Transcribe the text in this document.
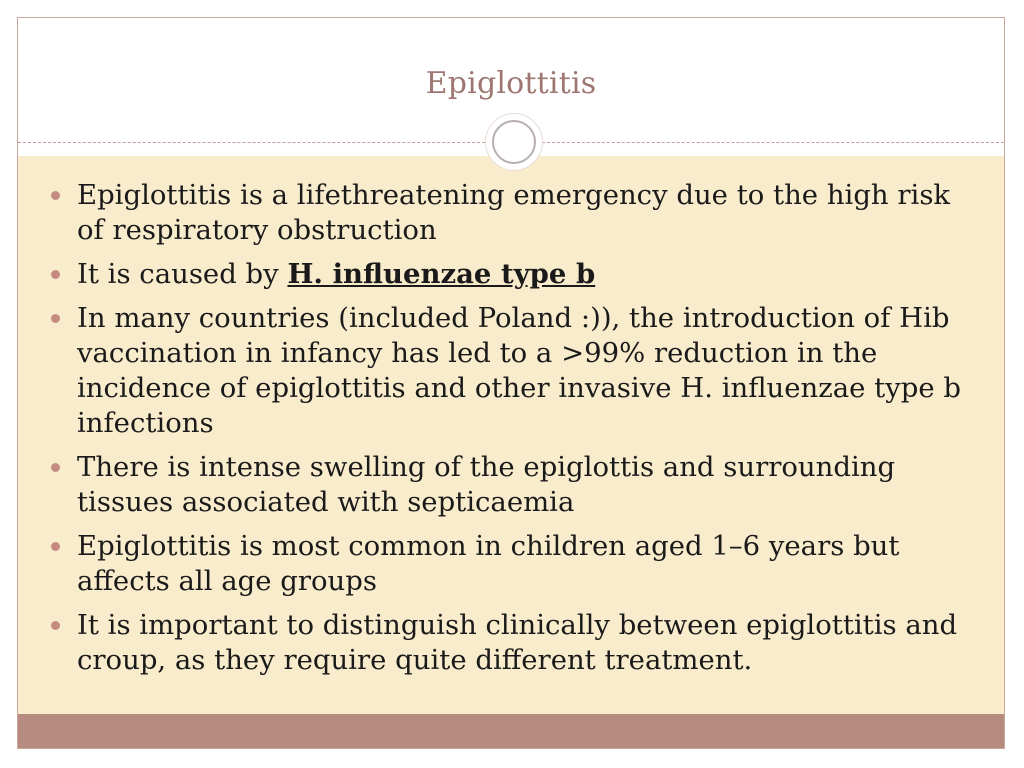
Epiglottitis
Epiglottitis is a lifethreatening emergency due to the high risk of respiratory obstruction
It is caused by H. influenzae type b
In many countries (included Poland :)), the introduction of Hib vaccination in infancy has led to a >99% reduction in the incidence of epiglottitis and other invasive H. influenzae type b infections
There is intense swelling of the epiglottis and surrounding tissues associated with septicaemia
Epiglottitis is most common in children aged 1–6 years but affects all age groups
It is important to distinguish clinically between epiglottitis and croup, as they require quite different treatment.
